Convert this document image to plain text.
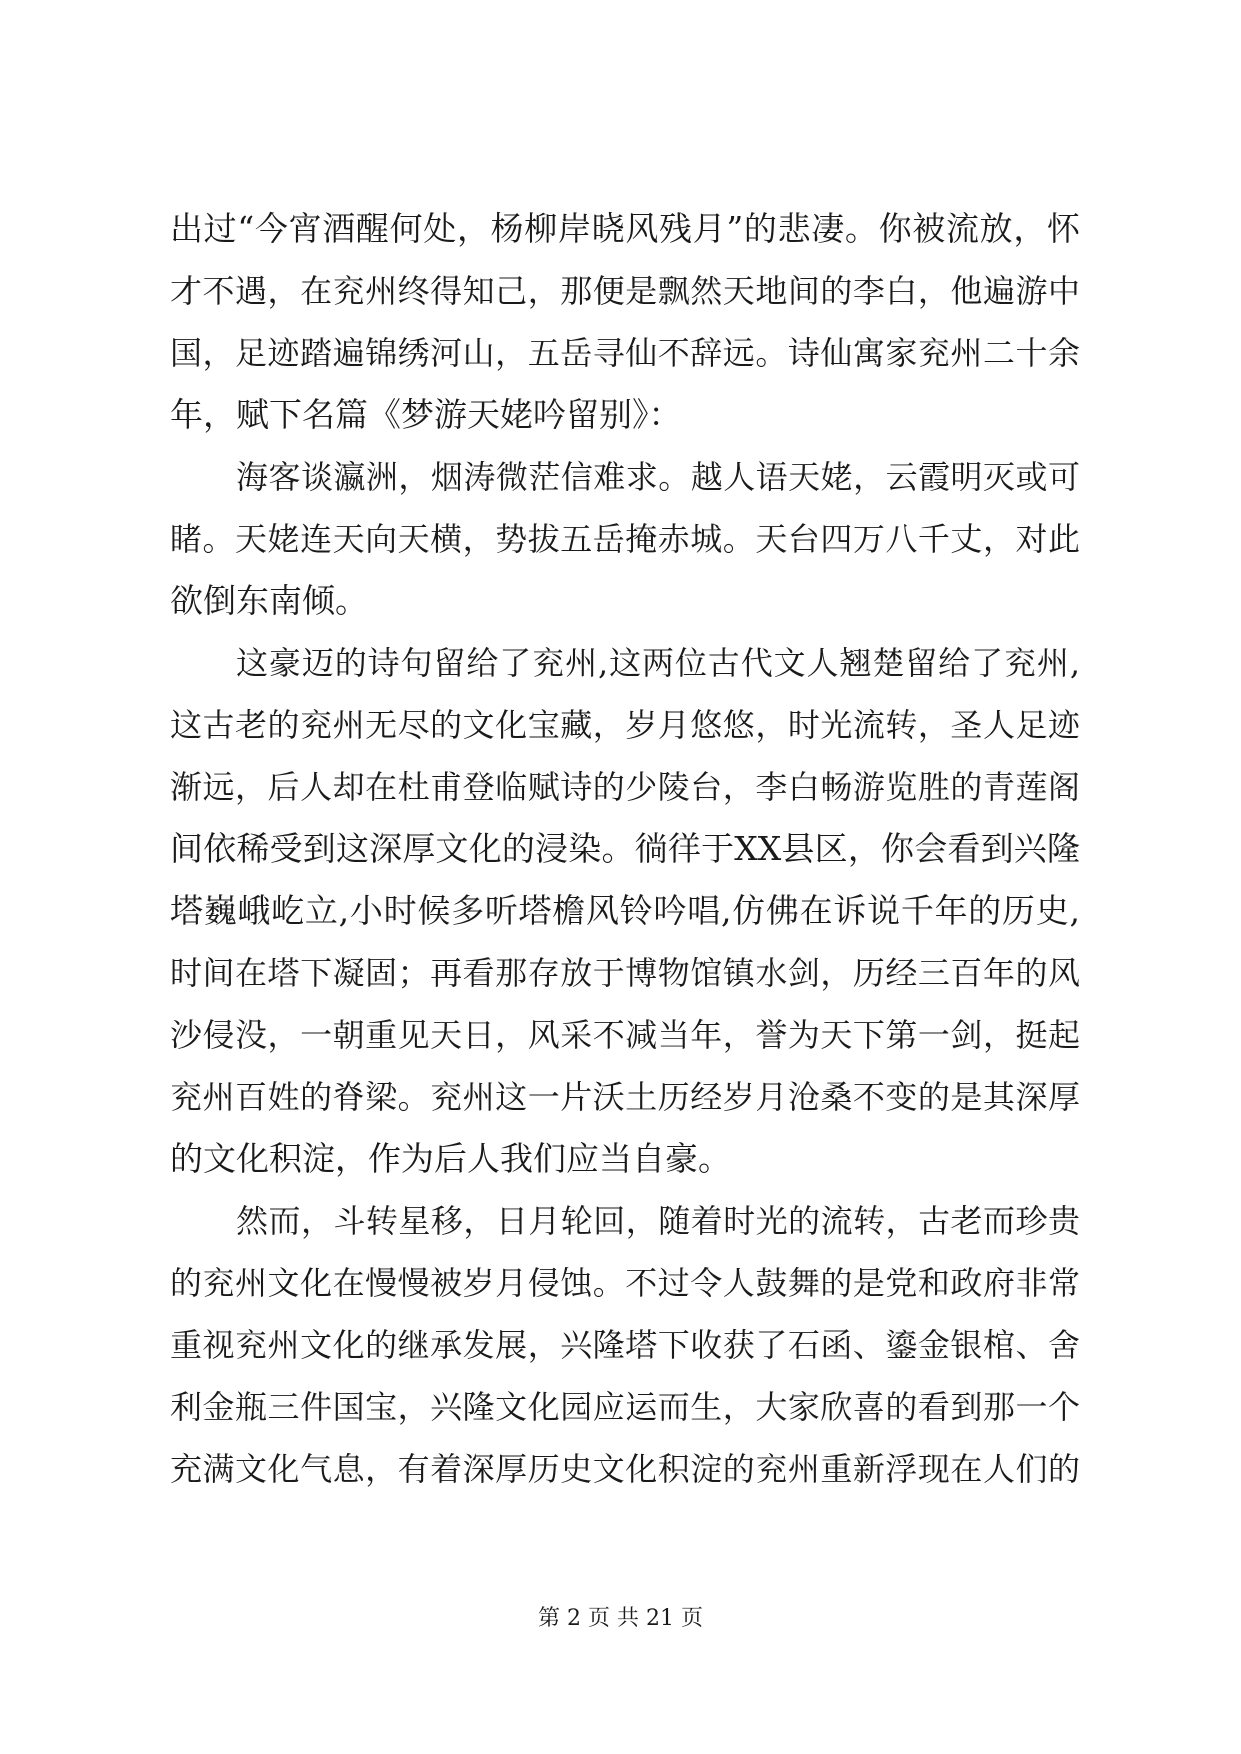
出过“今宵酒醒何处，杨柳岸晓风残月”的悲凄。你被流放，怀
才不遇，在兖州终得知己，那便是飘然天地间的李白，他遍游中
国，足迹踏遍锦绣河山，五岳寻仙不辞远。诗仙寓家兖州二十余
年，赋下名篇《梦游天姥吟留别》：
海客谈瀛洲，烟涛微茫信难求。越人语天姥，云霞明灭或可
睹。天姥连天向天横，势拔五岳掩赤城。天台四万八千丈，对此
欲倒东南倾。
这豪迈的诗句留给了兖州,这两位古代文人翘楚留给了兖州,
这古老的兖州无尽的文化宝藏，岁月悠悠，时光流转，圣人足迹
渐远，后人却在杜甫登临赋诗的少陵台，李白畅游览胜的青莲阁
间依稀受到这深厚文化的浸染。徜徉于XX县区，你会看到兴隆
塔巍峨屹立,小时候多听塔檐风铃吟唱,仿佛在诉说千年的历史,
时间在塔下凝固；再看那存放于博物馆镇水剑，历经三百年的风
沙侵没，一朝重见天日，风采不减当年，誉为天下第一剑，挺起
兖州百姓的脊梁。兖州这一片沃土历经岁月沧桑不变的是其深厚
的文化积淀，作为后人我们应当自豪。
然而，斗转星移，日月轮回，随着时光的流转，古老而珍贵
的兖州文化在慢慢被岁月侵蚀。不过令人鼓舞的是党和政府非常
重视兖州文化的继承发展，兴隆塔下收获了石函、鎏金银棺、舍
利金瓶三件国宝，兴隆文化园应运而生，大家欣喜的看到那一个
充满文化气息，有着深厚历史文化积淀的兖州重新浮现在人们的
第 2 页 共 21 页
